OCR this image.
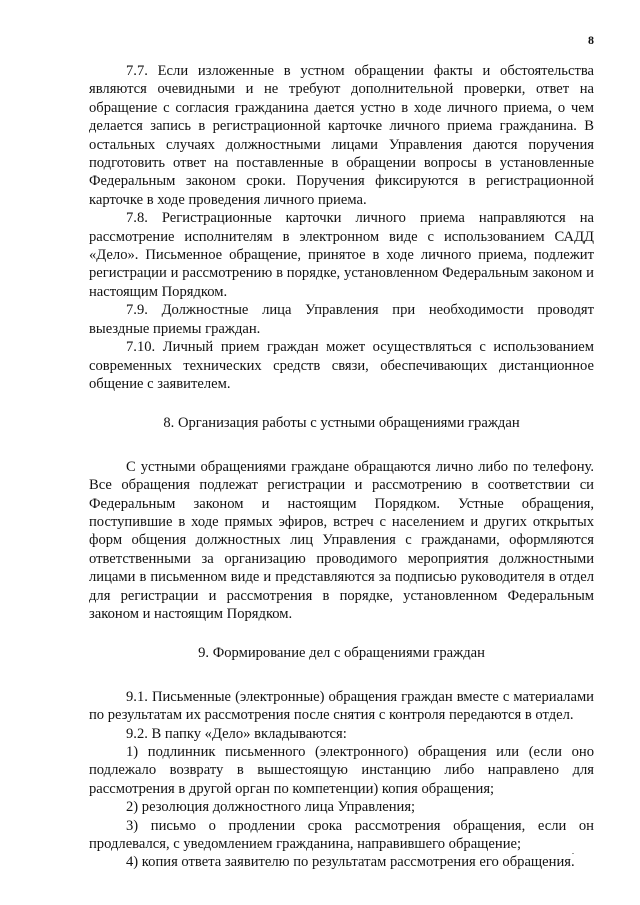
8

7.7. Если изложенные в устном обращении факты и обстоятельства являются очевидными и не требуют дополнительной проверки, ответ на обращение с согласия гражданина дается устно в ходе личного приема, о чем делается запись в регистрационной карточке личного приема гражданина. В остальных случаях должностными лицами Управления даются поручения подготовить ответ на поставленные в обращении вопросы в установленные Федеральным законом сроки. Поручения фиксируются в регистрационной карточке в ходе проведения личного приема.

7.8. Регистрационные карточки личного приема направляются на рассмотрение исполнителям в электронном виде с использованием САДД «Дело». Письменное обращение, принятое в ходе личного приема, подлежит регистрации и рассмотрению в порядке, установленном Федеральным законом и настоящим Порядком.

7.9. Должностные лица Управления при необходимости проводят выездные приемы граждан.

7.10. Личный прием граждан может осуществляться с использованием современных технических средств связи, обеспечивающих дистанционное общение с заявителем.

8. Организация работы с устными обращениями граждан

С устными обращениями граждане обращаются лично либо по телефону. Все обращения подлежат регистрации и рассмотрению в соответствии си Федеральным законом и настоящим Порядком. Устные обращения, поступившие в ходе прямых эфиров, встреч с населением и других открытых форм общения должностных лиц Управления с гражданами, оформляются ответственными за организацию проводимого мероприятия должностными лицами в письменном виде и представляются за подписью руководителя в отдел для регистрации и рассмотрения в порядке, установленном Федеральным законом и настоящим Порядком.

9. Формирование дел с обращениями граждан

9.1. Письменные (электронные) обращения граждан вместе с материалами по результатам их рассмотрения после снятия с контроля передаются в отдел.

9.2. В папку «Дело» вкладываются:

1) подлинник письменного (электронного) обращения или (если оно подлежало возврату в вышестоящую инстанцию либо направлено для рассмотрения в другой орган по компетенции) копия обращения;

2) резолюция должностного лица Управления;

3) письмо о продлении срока рассмотрения обращения, если он продлевался, с уведомлением гражданина, направившего обращение;

4) копия ответа заявителю по результатам рассмотрения его обращения.
